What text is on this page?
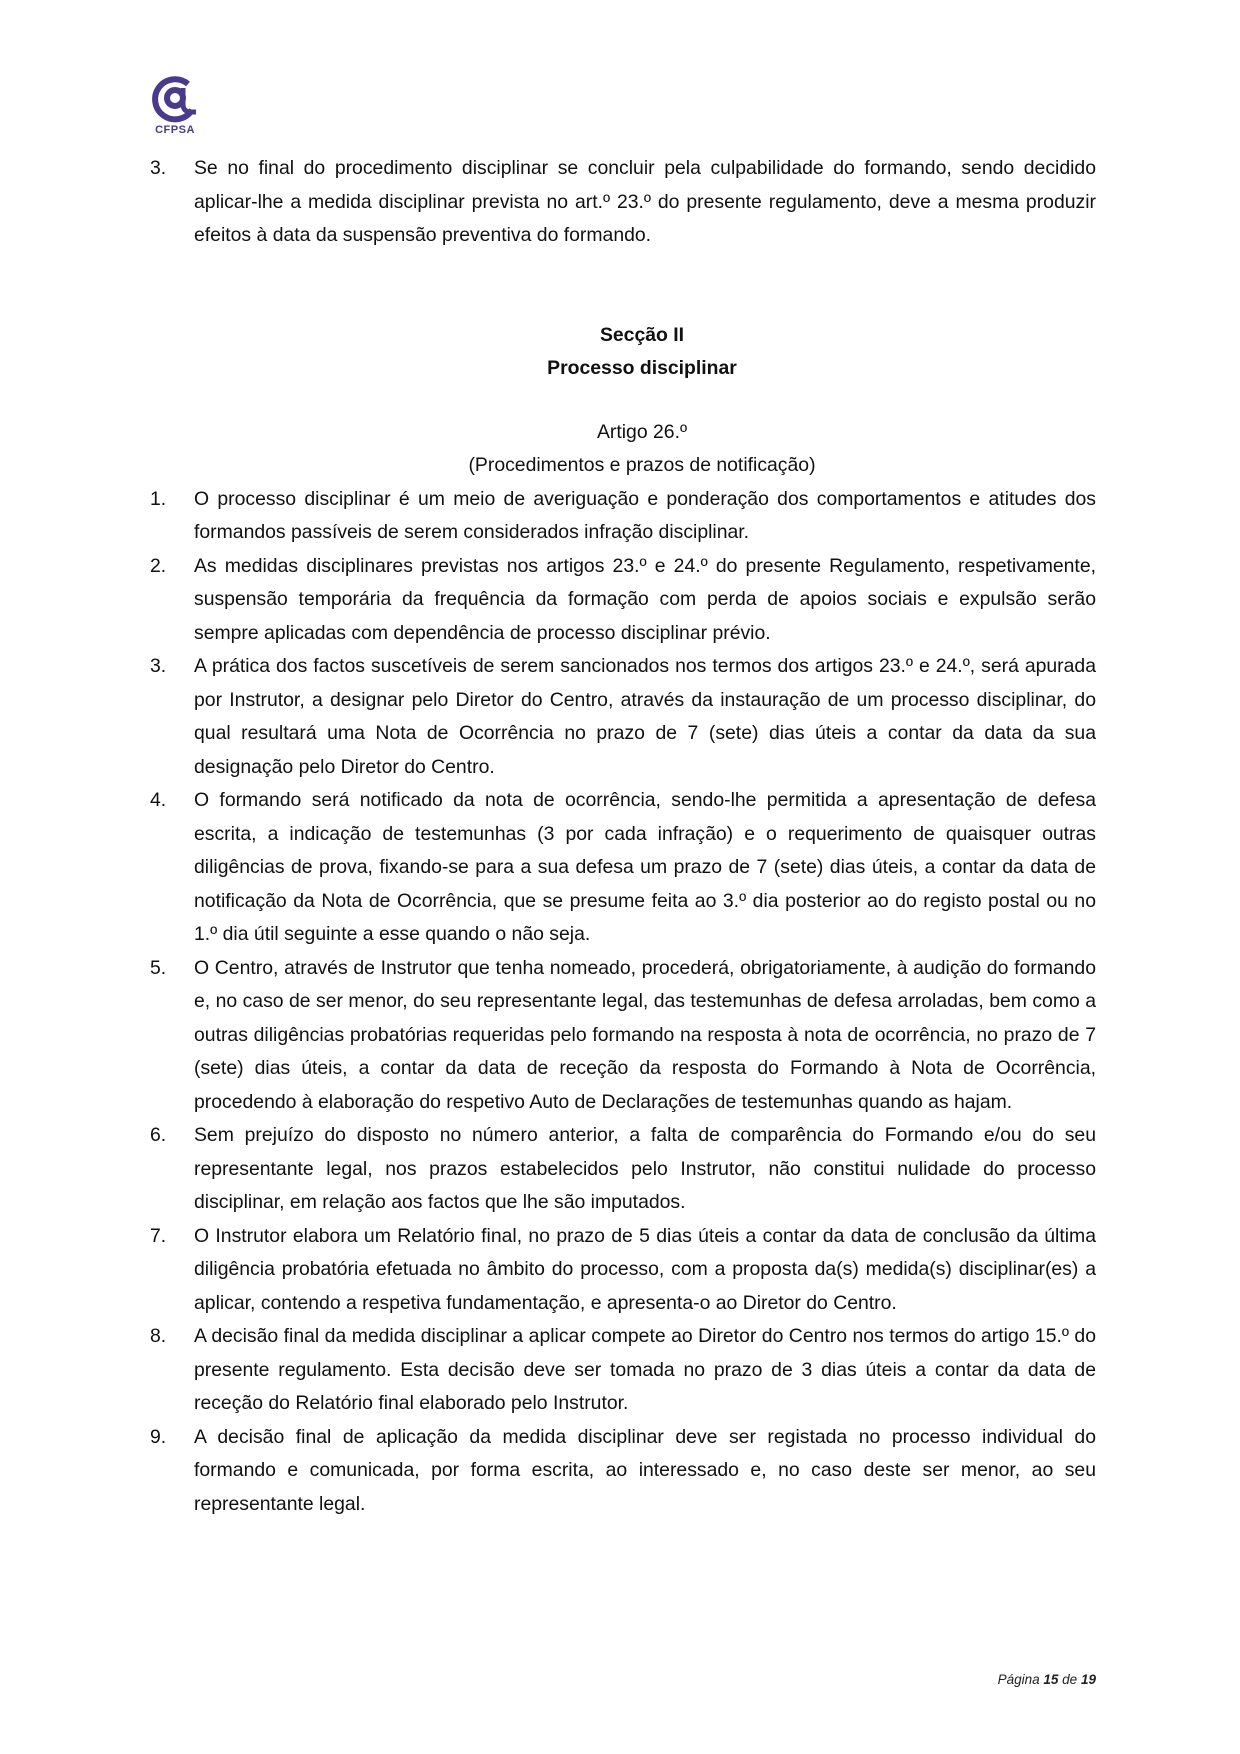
CFPSA
3. Se no final do procedimento disciplinar se concluir pela culpabilidade do formando, sendo decidido aplicar-lhe a medida disciplinar prevista no art.º 23.º do presente regulamento, deve a mesma produzir efeitos à data da suspensão preventiva do formando.
Secção II
Processo disciplinar
Artigo 26.º
(Procedimentos e prazos de notificação)
1. O processo disciplinar é um meio de averiguação e ponderação dos comportamentos e atitudes dos formandos passíveis de serem considerados infração disciplinar.
2. As medidas disciplinares previstas nos artigos 23.º e 24.º do presente Regulamento, respetivamente, suspensão temporária da frequência da formação com perda de apoios sociais e expulsão serão sempre aplicadas com dependência de processo disciplinar prévio.
3. A prática dos factos suscetíveis de serem sancionados nos termos dos artigos 23.º e 24.º, será apurada por Instrutor, a designar pelo Diretor do Centro, através da instauração de um processo disciplinar, do qual resultará uma Nota de Ocorrência no prazo de 7 (sete) dias úteis a contar da data da sua designação pelo Diretor do Centro.
4. O formando será notificado da nota de ocorrência, sendo-lhe permitida a apresentação de defesa escrita, a indicação de testemunhas (3 por cada infração) e o requerimento de quaisquer outras diligências de prova, fixando-se para a sua defesa um prazo de 7 (sete) dias úteis, a contar da data de notificação da Nota de Ocorrência, que se presume feita ao 3.º dia posterior ao do registo postal ou no 1.º dia útil seguinte a esse quando o não seja.
5. O Centro, através de Instrutor que tenha nomeado, procederá, obrigatoriamente, à audição do formando e, no caso de ser menor, do seu representante legal, das testemunhas de defesa arroladas, bem como a outras diligências probatórias requeridas pelo formando na resposta à nota de ocorrência, no prazo de 7 (sete) dias úteis, a contar da data de receção da resposta do Formando à Nota de Ocorrência, procedendo à elaboração do respetivo Auto de Declarações de testemunhas quando as hajam.
6. Sem prejuízo do disposto no número anterior, a falta de comparência do Formando e/ou do seu representante legal, nos prazos estabelecidos pelo Instrutor, não constitui nulidade do processo disciplinar, em relação aos factos que lhe são imputados.
7. O Instrutor elabora um Relatório final, no prazo de 5 dias úteis a contar da data de conclusão da última diligência probatória efetuada no âmbito do processo, com a proposta da(s) medida(s) disciplinar(es) a aplicar, contendo a respetiva fundamentação, e apresenta-o ao Diretor do Centro.
8. A decisão final da medida disciplinar a aplicar compete ao Diretor do Centro nos termos do artigo 15.º do presente regulamento. Esta decisão deve ser tomada no prazo de 3 dias úteis a contar da data de receção do Relatório final elaborado pelo Instrutor.
9. A decisão final de aplicação da medida disciplinar deve ser registada no processo individual do formando e comunicada, por forma escrita, ao interessado e, no caso deste ser menor, ao seu representante legal.
Página 15 de 19
